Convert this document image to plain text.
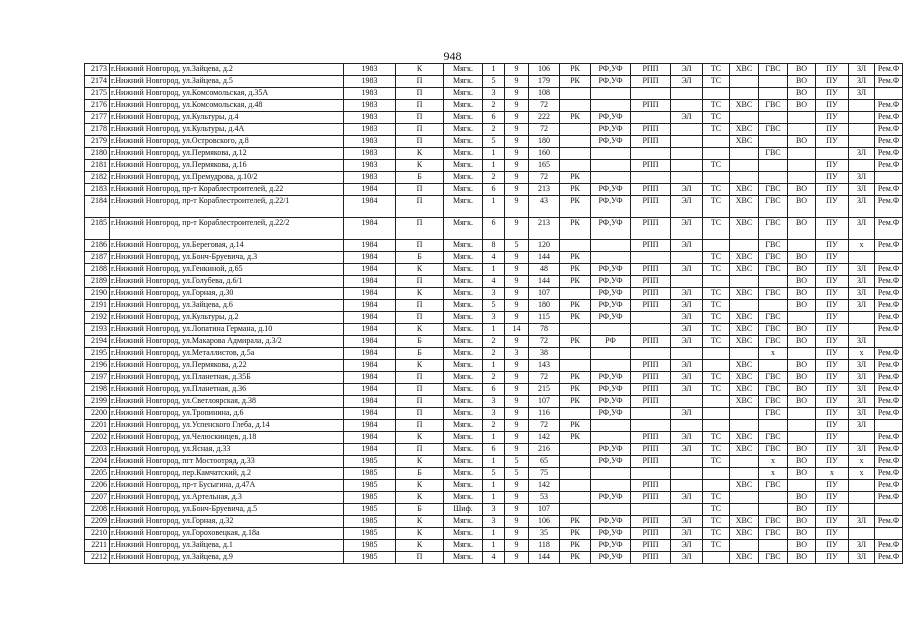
948
2173	г.Нижний Новгород, ул.Зайцева, д.2	1983	К	Мягк.	1	9	106	РК	РФ,УФ	РПП	ЭЛ	ТС	ХВС	ГВС	ВО	ПУ	ЗЛ	Рем.Ф
2174	г.Нижний Новгород, ул.Зайцева, д.5	1983	П	Мягк.	5	9	179	РК	РФ,УФ	РПП	ЭЛ	ТС			ВО	ПУ	ЗЛ	Рем.Ф
2175	г.Нижний Новгород, ул.Комсомольская, д.35А	1983	П	Мягк.	3	9	108								ВО	ПУ	ЗЛ	
2176	г.Нижний Новгород, ул.Комсомольская, д.48	1983	П	Мягк.	2	9	72			РПП		ТС	ХВС	ГВС	ВО	ПУ		Рем.Ф
2177	г.Нижний Новгород, ул.Культуры, д.4	1983	П	Мягк.	6	9	222	РК	РФ,УФ		ЭЛ	ТС				ПУ		Рем.Ф
2178	г.Нижний Новгород, ул.Культуры, д.4А	1983	П	Мягк.	2	9	72		РФ,УФ	РПП		ТС	ХВС	ГВС		ПУ		Рем.Ф
2179	г.Нижний Новгород, ул.Островского, д.8	1983	П	Мягк.	5	9	180		РФ,УФ	РПП			ХВС		ВО	ПУ		Рем.Ф
2180	г.Нижний Новгород, ул.Пермякова, д.12	1983	К	Мягк.	1	9	160							ГВС			ЗЛ	Рем.Ф
2181	г.Нижний Новгород, ул.Пермякова, д.16	1983	К	Мягк.	1	9	165			РПП		ТС				ПУ		Рем.Ф
2182	г.Нижний Новгород, ул.Премудрова, д.10/2	1983	Б	Мягк.	2	9	72	РК								ПУ	ЗЛ	
2183	г.Нижний Новгород, пр-т Кораблестроителей, д.22	1984	П	Мягк.	6	9	213	РК	РФ,УФ	РПП	ЭЛ	ТС	ХВС	ГВС	ВО	ПУ	ЗЛ	Рем.Ф
2184	г.Нижний Новгород, пр-т Кораблестроителей, д.22/1	1984	П	Мягк.	1	9	43	РК	РФ,УФ	РПП	ЭЛ	ТС	ХВС	ГВС	ВО	ПУ	ЗЛ	Рем.Ф
2185	г.Нижний Новгород, пр-т Кораблестроителей, д.22/2	1984	П	Мягк.	6	9	213	РК	РФ,УФ	РПП	ЭЛ	ТС	ХВС	ГВС	ВО	ПУ	ЗЛ	Рем.Ф
2186	г.Нижний Новгород, ул.Береговая, д.14	1984	П	Мягк.	8	5	120			РПП	ЭЛ			ГВС		ПУ	х	Рем.Ф
2187	г.Нижний Новгород, ул.Бонч-Бруевича, д.3	1984	Б	Мягк.	4	9	144	РК				ТС	ХВС	ГВС	ВО	ПУ		
2188	г.Нижний Новгород, ул.Генкиной, д.65	1984	К	Мягк.	1	9	48	РК	РФ,УФ	РПП	ЭЛ	ТС	ХВС	ГВС	ВО	ПУ	ЗЛ	Рем.Ф
2189	г.Нижний Новгород, ул.Голубева, д.6/1	1984	П	Мягк.	4	9	144	РК	РФ,УФ	РПП					ВО	ПУ	ЗЛ	Рем.Ф
2190	г.Нижний Новгород, ул.Горная, д.30	1984	К	Мягк.	3	9	107		РФ,УФ	РПП	ЭЛ	ТС	ХВС	ГВС	ВО	ПУ	ЗЛ	Рем.Ф
2191	г.Нижний Новгород, ул.Зайцева, д.6	1984	П	Мягк.	5	9	180	РК	РФ,УФ	РПП	ЭЛ	ТС			ВО	ПУ	ЗЛ	Рем.Ф
2192	г.Нижний Новгород, ул.Культуры, д.2	1984	П	Мягк.	3	9	115	РК	РФ,УФ		ЭЛ	ТС	ХВС	ГВС		ПУ		Рем.Ф
2193	г.Нижний Новгород, ул.Лопатина Германа, д.10	1984	К	Мягк.	1	14	78				ЭЛ	ТС	ХВС	ГВС	ВО	ПУ		Рем.Ф
2194	г.Нижний Новгород, ул.Макарова Адмирала, д.3/2	1984	Б	Мягк.	2	9	72	РК	РФ	РПП	ЭЛ	ТС	ХВС	ГВС	ВО	ПУ	ЗЛ	
2195	г.Нижний Новгород, ул.Металлистов, д.5а	1984	Б	Мягк.	2	3	38							х		ПУ	х	Рем.Ф
2196	г.Нижний Новгород, ул.Пермякова, д.22	1984	К	Мягк.	1	9	143			РПП	ЭЛ		ХВС		ВО	ПУ	ЗЛ	Рем.Ф
2197	г.Нижний Новгород, ул.Планетная, д.35Б	1984	П	Мягк.	2	9	72	РК	РФ,УФ	РПП	ЭЛ	ТС	ХВС	ГВС	ВО	ПУ	ЗЛ	Рем.Ф
2198	г.Нижний Новгород, ул.Планетная, д.36	1984	П	Мягк.	6	9	215	РК	РФ,УФ	РПП	ЭЛ	ТС	ХВС	ГВС	ВО	ПУ	ЗЛ	Рем.Ф
2199	г.Нижний Новгород, ул.Светлоярская, д.38	1984	П	Мягк.	3	9	107	РК	РФ,УФ	РПП			ХВС	ГВС	ВО	ПУ	ЗЛ	Рем.Ф
2200	г.Нижний Новгород, ул.Тропинина, д.6	1984	П	Мягк.	3	9	116		РФ,УФ		ЭЛ			ГВС		ПУ	ЗЛ	Рем.Ф
2201	г.Нижний Новгород, ул.Успенского Глеба, д.14	1984	П	Мягк.	2	9	72	РК								ПУ	ЗЛ	
2202	г.Нижний Новгород, ул.Челюскинцев, д.18	1984	К	Мягк.	1	9	142	РК		РПП	ЭЛ	ТС	ХВС	ГВС		ПУ		Рем.Ф
2203	г.Нижний Новгород, ул.Ясная, д.33	1984	П	Мягк.	6	9	216		РФ,УФ	РПП	ЭЛ	ТС	ХВС	ГВС	ВО	ПУ	ЗЛ	Рем.Ф
2204	г.Нижний Новгород, пгт Мостоотряд, д.33	1985	К	Мягк.	1	5	65		РФ,УФ	РПП		ТС		х	ВО	ПУ	х	Рем.Ф
2205	г.Нижний Новгород, пер.Камчатский, д.2	1985	Б	Мягк.	5	5	75							х	ВО	х	х	Рем.Ф
2206	г.Нижний Новгород, пр-т Бусыгина, д.47А	1985	К	Мягк.	1	9	142			РПП			ХВС	ГВС		ПУ		Рем.Ф
2207	г.Нижний Новгород, ул.Артельная, д.3	1985	К	Мягк.	1	9	53		РФ,УФ	РПП	ЭЛ	ТС			ВО	ПУ		Рем.Ф
2208	г.Нижний Новгород, ул.Бонч-Бруевича, д.5	1985	Б	Шиф.	3	9	107					ТС			ВО	ПУ		
2209	г.Нижний Новгород, ул.Горная, д.32	1985	К	Мягк.	3	9	106	РК	РФ,УФ	РПП	ЭЛ	ТС	ХВС	ГВС	ВО	ПУ	ЗЛ	Рем.Ф
2210	г.Нижний Новгород, ул.Гороховецкая, д.18а	1985	К	Мягк.	1	9	35	РК	РФ,УФ	РПП	ЭЛ	ТС	ХВС	ГВС	ВО	ПУ		
2211	г.Нижний Новгород, ул.Зайцева, д.1	1985	К	Мягк.	1	9	118	РК	РФ,УФ	РПП	ЭЛ	ТС			ВО	ПУ	ЗЛ	Рем.Ф
2212	г.Нижний Новгород, ул.Зайцева, д.9	1985	П	Мягк.	4	9	144	РК	РФ,УФ	РПП	ЭЛ		ХВС	ГВС	ВО	ПУ	ЗЛ	Рем.Ф
